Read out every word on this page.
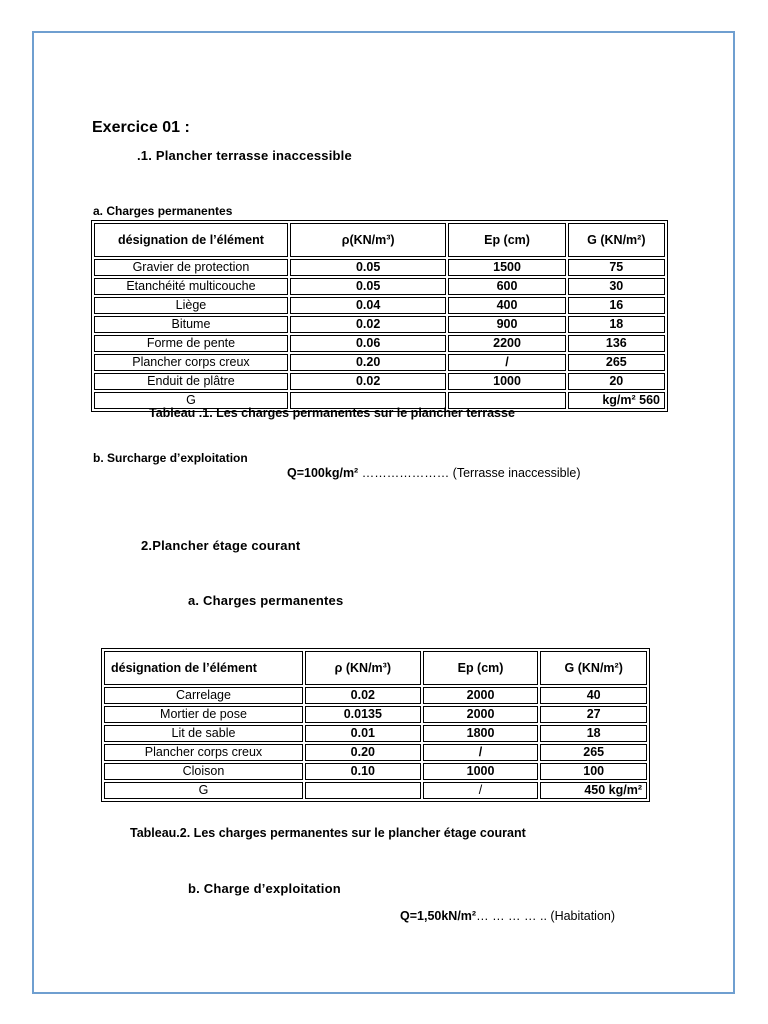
Exercice 01 :
.1. Plancher terrasse inaccessible
a. Charges permanentes
désignation de l’élément	ρ(KN/m³)	Ep (cm)	G (KN/m²)
Gravier de protection	0.05	1500	75
Etanchéité multicouche	0.05	600	30
Liège	0.04	400	16
Bitume	0.02	900	18
Forme de pente	0.06	2200	136
Plancher corps creux	0.20	/	265
Enduit de plâtre	0.02	1000	20
G			kg/m² 560
Tableau .1. Les charges permanentes sur le plancher terrasse
b. Surcharge d’exploitation
Q=100kg/m² ………………… (Terrasse inaccessible)
2.Plancher étage courant
a. Charges permanentes
désignation de l’élément	ρ (KN/m³)	Ep (cm)	G (KN/m²)
Carrelage	0.02	2000	40
Mortier de pose	0.0135	2000	27
Lit de sable	0.01	1800	18
Plancher corps creux	0.20	/	265
Cloison	0.10	1000	100
G		/	450 kg/m²
Tableau.2. Les charges permanentes sur le plancher étage courant
b. Charge d’exploitation
Q=1,50kN/m²… … … … .. (Habitation)
